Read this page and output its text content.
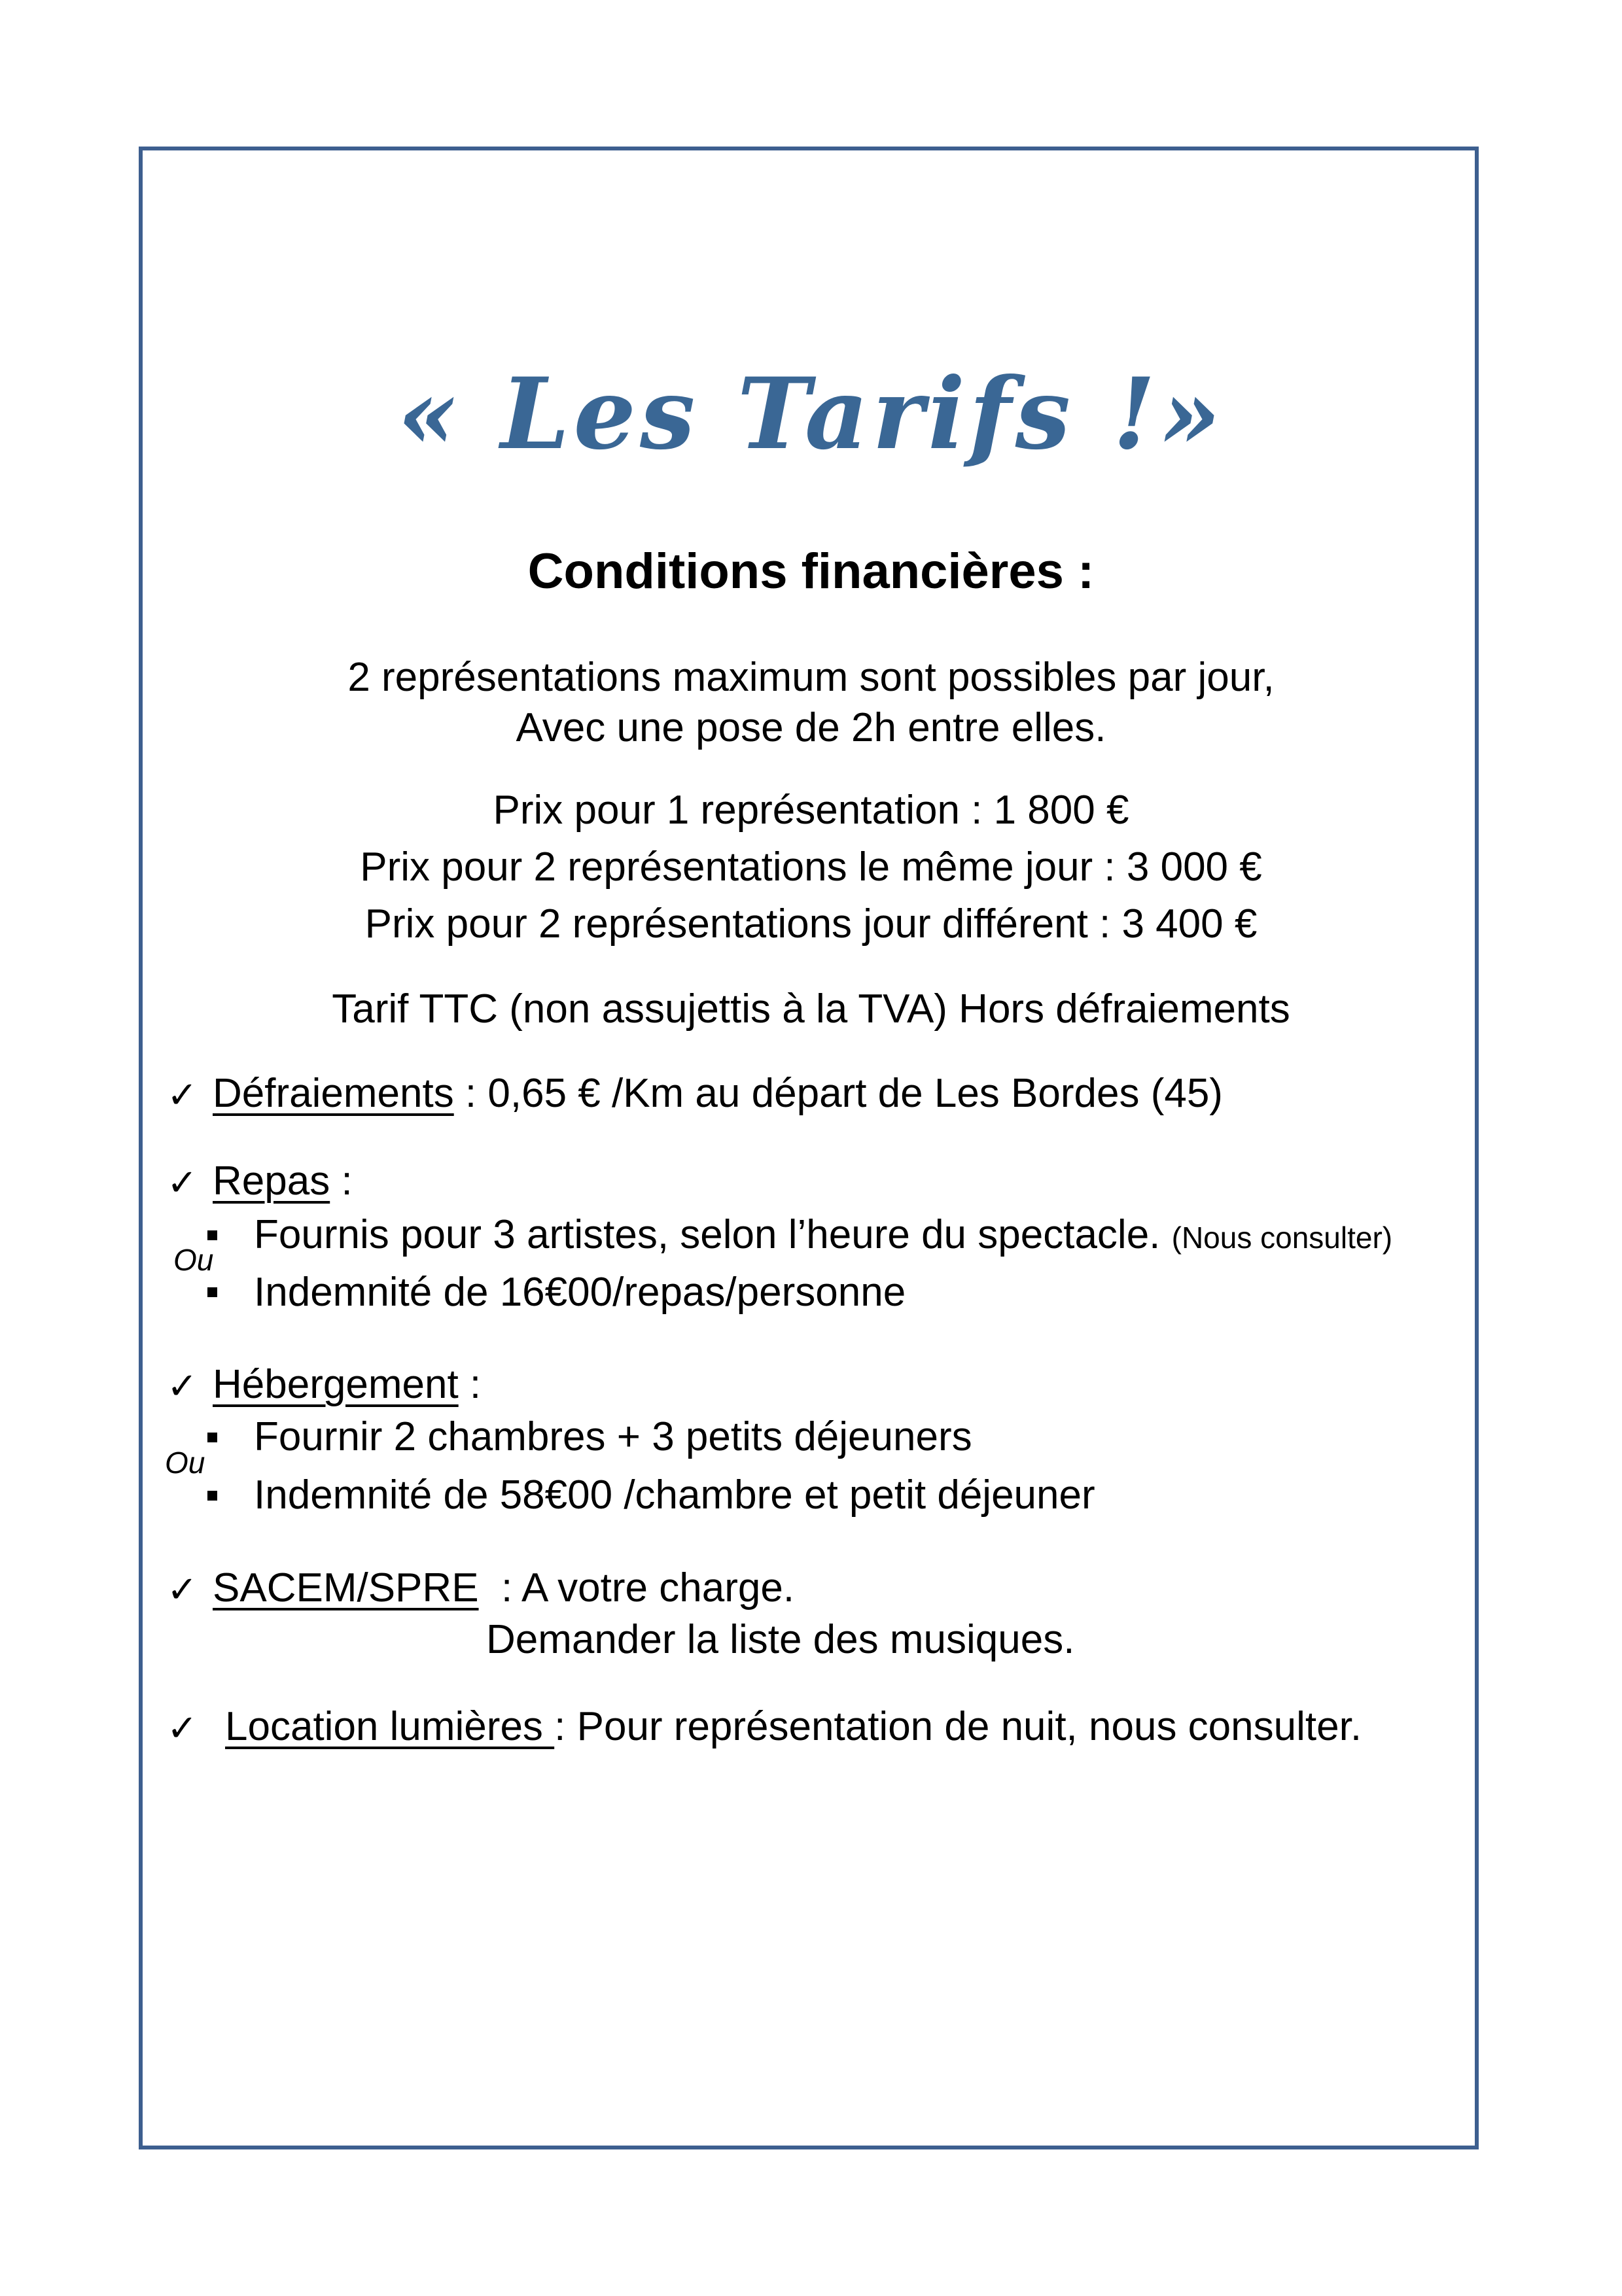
« Les Tarifs !»
Conditions financières :
2 représentations maximum sont possibles par jour,
Avec une pose de 2h entre elles.
Prix pour 1 représentation : 1 800 €
Prix pour 2 représentations le même jour : 3 000 €
Prix pour 2 représentations jour différent : 3 400 €
Tarif TTC (non assujettis à la TVA) Hors défraiements
✓ Défraiements : 0,65 € /Km au départ de Les Bordes (45)
✓ Repas :
Fournis pour 3 artistes, selon l’heure du spectacle. (Nous consulter)
Ou
Indemnité de 16€00/repas/personne
✓ Hébergement :
Fournir 2 chambres + 3 petits déjeuners
Ou
Indemnité de 58€00 /chambre et petit déjeuner
✓ SACEM/SPRE  : A votre charge.
Demander la liste des musiques.
✓ Location lumières : Pour représentation de nuit, nous consulter.
